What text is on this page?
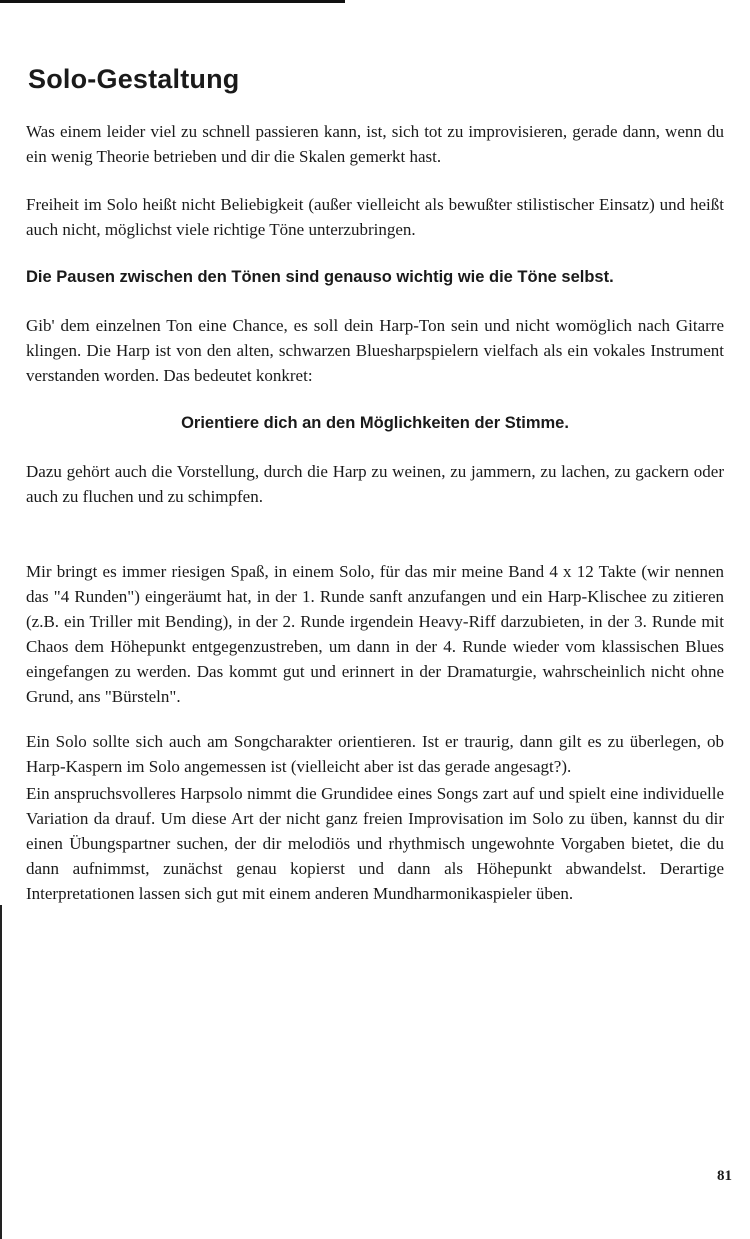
Solo-Gestaltung

Was einem leider viel zu schnell passieren kann, ist, sich tot zu improvisieren, gerade dann, wenn du ein wenig Theorie betrieben und dir die Skalen gemerkt hast.

Freiheit im Solo heißt nicht Beliebigkeit (außer vielleicht als bewußter stilistischer Einsatz) und heißt auch nicht, möglichst viele richtige Töne unterzubringen.

Die Pausen zwischen den Tönen sind genauso wichtig wie die Töne selbst.

Gib' dem einzelnen Ton eine Chance, es soll dein Harp-Ton sein und nicht womöglich nach Gitarre klingen. Die Harp ist von den alten, schwarzen Bluesharpspielern vielfach als ein vokales Instrument verstanden worden. Das bedeutet konkret:

Orientiere dich an den Möglichkeiten der Stimme.

Dazu gehört auch die Vorstellung, durch die Harp zu weinen, zu jammern, zu lachen, zu gackern oder auch zu fluchen und zu schimpfen.

Mir bringt es immer riesigen Spaß, in einem Solo, für das mir meine Band 4 x 12 Takte (wir nennen das "4 Runden") eingeräumt hat, in der 1. Runde sanft anzufangen und ein Harp-Klischee zu zitieren (z.B. ein Triller mit Bending), in der 2. Runde irgendein Heavy-Riff darzubieten, in der 3. Runde mit Chaos dem Höhepunkt entgegenzustreben, um dann in der 4. Runde wieder vom klassischen Blues eingefangen zu werden. Das kommt gut und erinnert in der Dramaturgie, wahrscheinlich nicht ohne Grund, ans "Bürsteln".

Ein Solo sollte sich auch am Songcharakter orientieren. Ist er traurig, dann gilt es zu überlegen, ob Harp-Kaspern im Solo angemessen ist (vielleicht aber ist das gerade angesagt?).

Ein anspruchsvolleres Harpsolo nimmt die Grundidee eines Songs zart auf und spielt eine individuelle Variation da drauf. Um diese Art der nicht ganz freien Improvisation im Solo zu üben, kannst du dir einen Übungspartner suchen, der dir melodiös und rhythmisch ungewohnte Vorgaben bietet, die du dann aufnimmst, zunächst genau kopierst und dann als Höhepunkt abwandelst. Derartige Interpretationen lassen sich gut mit einem anderen Mundharmonikaspieler üben.

81
